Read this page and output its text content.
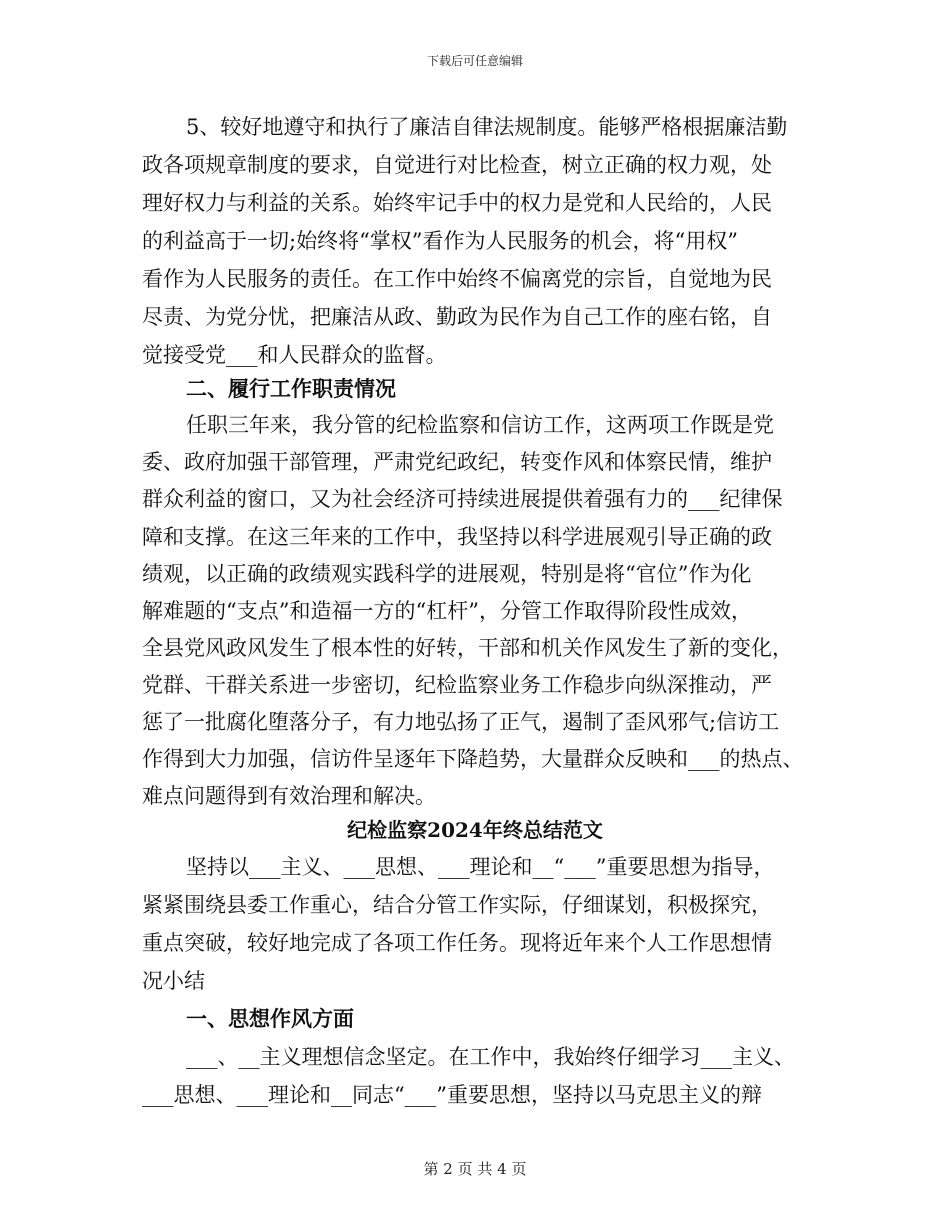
下载后可任意编辑
5、较好地遵守和执行了廉洁自律法规制度。能够严格根据廉洁勤
政各项规章制度的要求，自觉进行对比检查，树立正确的权力观，处
理好权力与利益的关系。始终牢记手中的权力是党和人民给的，人民
的利益高于一切;始终将“掌权”看作为人民服务的机会，将“用权”
看作为人民服务的责任。在工作中始终不偏离党的宗旨，自觉地为民
尽责、为党分忧，把廉洁从政、勤政为民作为自己工作的座右铭，自
觉接受党___和人民群众的监督。
二、履行工作职责情况
任职三年来，我分管的纪检监察和信访工作，这两项工作既是党
委、政府加强干部管理，严肃党纪政纪，转变作风和体察民情，维护
群众利益的窗口，又为社会经济可持续进展提供着强有力的___纪律保
障和支撑。在这三年来的工作中，我坚持以科学进展观引导正确的政
绩观，以正确的政绩观实践科学的进展观，特别是将“官位”作为化
解难题的“支点”和造福一方的“杠杆”，分管工作取得阶段性成效，
全县党风政风发生了根本性的好转，干部和机关作风发生了新的变化，
党群、干群关系进一步密切，纪检监察业务工作稳步向纵深推动，严
惩了一批腐化堕落分子，有力地弘扬了正气，遏制了歪风邪气;信访工
作得到大力加强，信访件呈逐年下降趋势，大量群众反映和___的热点、
难点问题得到有效治理和解决。
纪检监察2024年终总结范文
坚持以___主义、___思想、___理论和__“___”重要思想为指导，
紧紧围绕县委工作重心，结合分管工作实际，仔细谋划，积极探究，
重点突破，较好地完成了各项工作任务。现将近年来个人工作思想情
况小结
一、思想作风方面
___、__主义理想信念坚定。在工作中，我始终仔细学习___主义、
___思想、___理论和__同志“___”重要思想，坚持以马克思主义的辩
第 2 页 共 4 页
